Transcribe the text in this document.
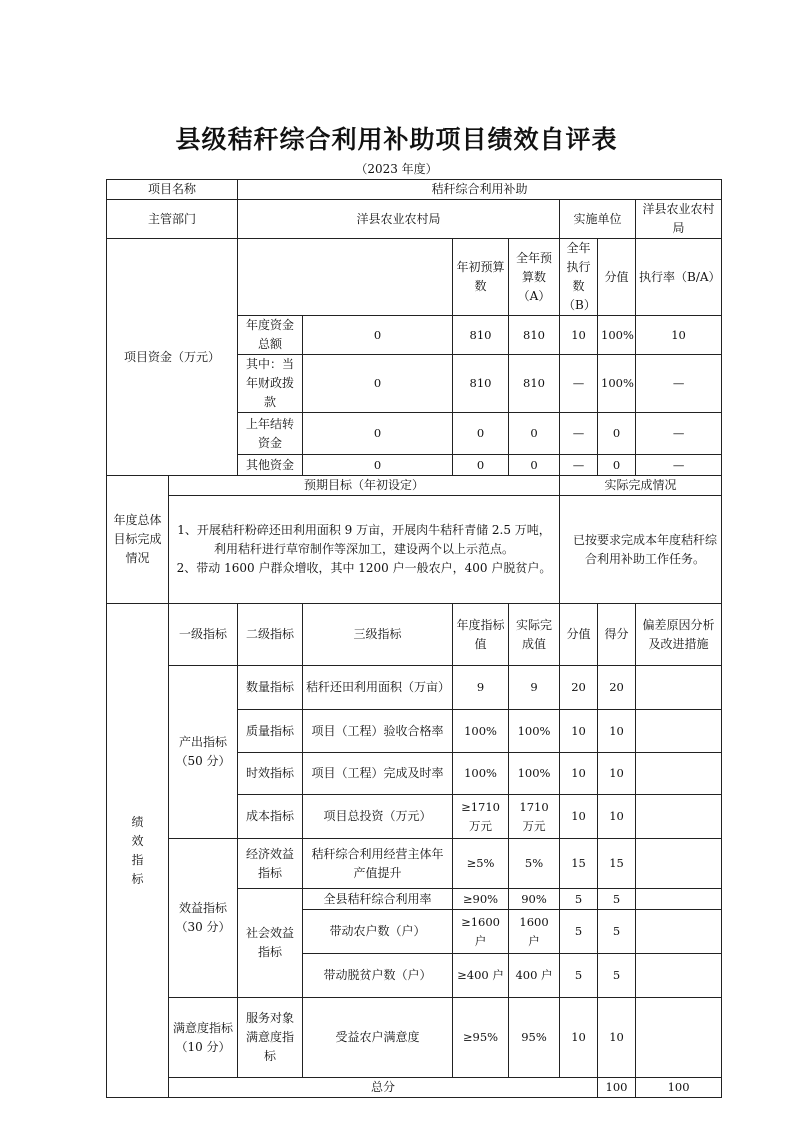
县级秸秆综合利用补助项目绩效自评表
（2023 年度）
项目名称		秸秆综合利用补助							
主管部门		洋县农业农村局				实施单位		洋县农业农村局	
项目资金（万元）				年初预算数	全年预算数（A）	全年执行数（B）	分值	执行率（B/A）	
		年度资金总额	0	810	810	10	100%	10	
		其中：当年财政拨款	0	810	810	—	100%	—	
		上年结转资金	0	0	0	—	0	—	
		其他资金	0	0	0	—	0	—	
年度总体目标完成情况	预期目标（年初设定）					实际完成情况			

	1、开展秸秆粉碎还田利用面积 9 万亩，开展肉牛秸秆青储 2.5 万吨，利用秸秆进行草帘制作等深加工，建设两个以上示范点。
2、带动 1600 户群众增收，其中 1200 户一般农户，400 户脱贫户。					已按要求完成本年度秸秆综合利用补助工作任务。			
绩效指标	一级指标	二级指标	三级指标	年度指标值	实际完成值	分值	得分	偏差原因分析及改进措施	
	产出指标（50 分）	数量指标	秸秆还田利用面积（万亩）	9	9	20	20		
		质量指标	项目（工程）验收合格率	100%	100%	10	10		
		时效指标	项目（工程）完成及时率	100%	100%	10	10		
		成本指标	项目总投资（万元）	≥1710 万元	1710 万元	10	10		
	效益指标（30 分）	经济效益指标	秸秆综合利用经营主体年产值提升	≥5%	5%	15	15		
		社会效益指标	全县秸秆综合利用率	≥90%	90%	5	5		
			带动农户数（户）	≥1600 户	1600 户	5	5		
			带动脱贫户数（户）	≥400 户	400 户	5	5		
	满意度指标（10 分）	服务对象满意度指标	受益农户满意度	≥95%	95%	10	10		
	总分						100	100	
